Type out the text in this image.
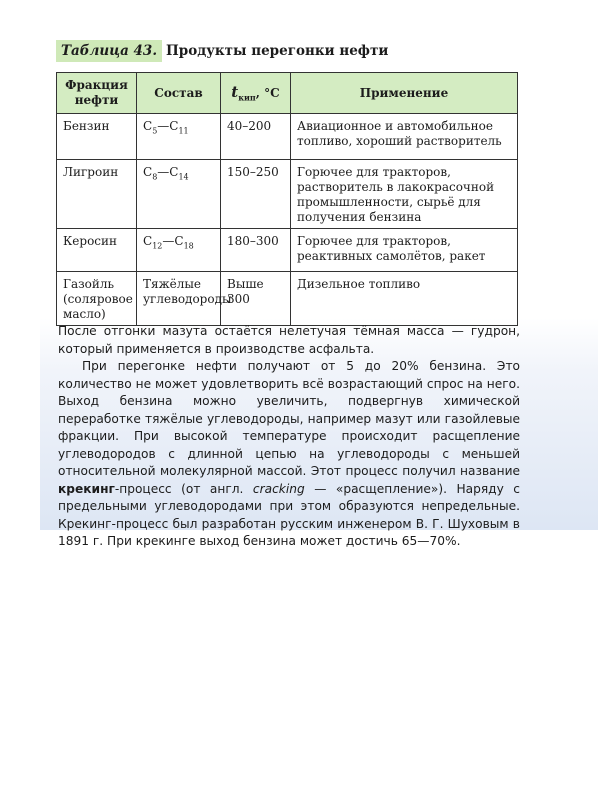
Таблица 43. Продукты перегонки нефти
Фракция нефти	Состав	$t_{кип}$, °С	Применение
Бензин	$С_5—С_{11}$	40–200	Авиационное и автомобильное топливо, хороший растворитель
Лигроин	$С_8—С_{14}$	150–250	Горючее для тракторов, растворитель в лакокрасочной промышленности, сырьё для получения бензина
Керосин	$С_{12}—С_{18}$	180–300	Горючее для тракторов, реактивных самолётов, ракет
Газойль (соляровое масло)	Тяжёлые углеводороды	Выше 300	Дизельное топливо

После отгонки мазута остаётся нелетучая тёмная масса — гудрон, который применяется в производстве асфальта.

При перегонке нефти получают от 5 до 20% бензина. Это количество не может удовлетворить всё возрастающий спрос на него. Выход бензина можно увеличить, подвергнув химической переработке тяжёлые углеводороды, например мазут или газойлевые фракции. При высокой температуре происходит расщепление углеводородов с длинной цепью на углеводороды с меньшей относительной молекулярной массой. Этот процесс получил название крекинг-процесс (от англ. cracking — «расщепление»). Наряду с предельными углеводородами при этом образуются непредельные. Крекинг-процесс был разработан русским инженером В. Г. Шуховым в 1891 г. При крекинге выход бензина может достичь 65—70%.
